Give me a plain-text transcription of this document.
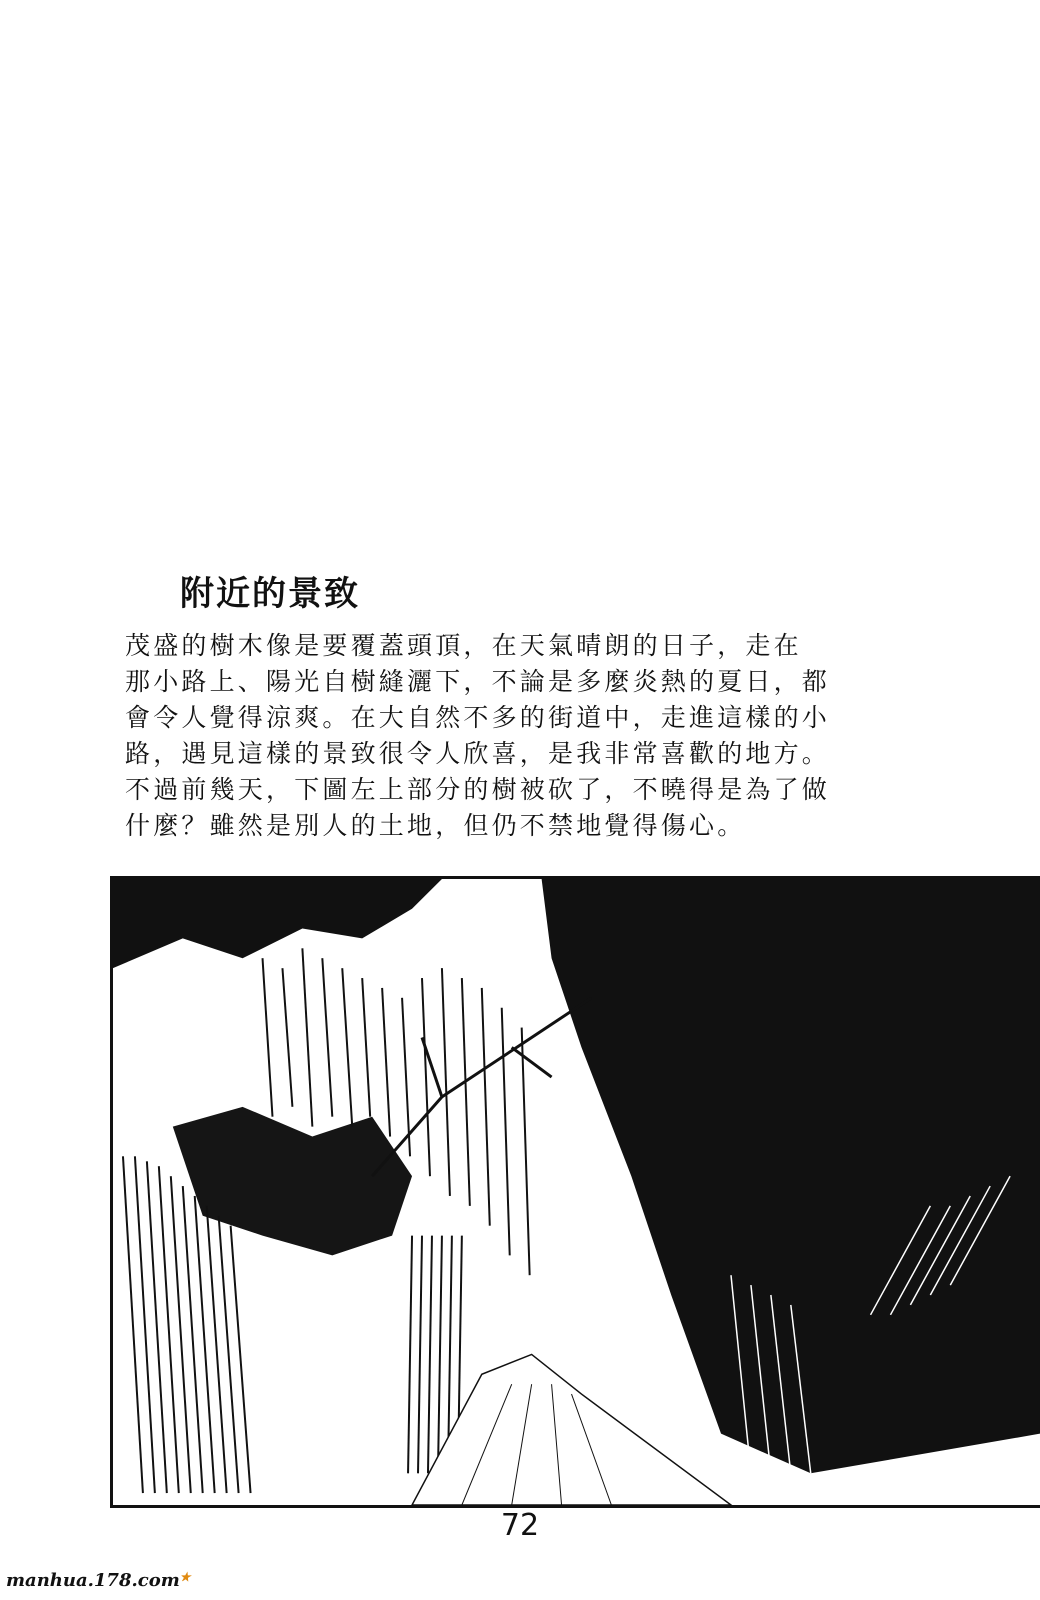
附近的景致
茂盛的樹木像是要覆蓋頭頂，在天氣晴朗的日子，走在
那小路上、陽光自樹縫灑下，不論是多麼炎熱的夏日，都
會令人覺得涼爽。在大自然不多的街道中，走進這樣的小
路，遇見這樣的景致很令人欣喜，是我非常喜歡的地方。
不過前幾天，下圖左上部分的樹被砍了，不曉得是為了做
什麼？雖然是別人的土地，但仍不禁地覺得傷心。
72
manhua.178.com★
